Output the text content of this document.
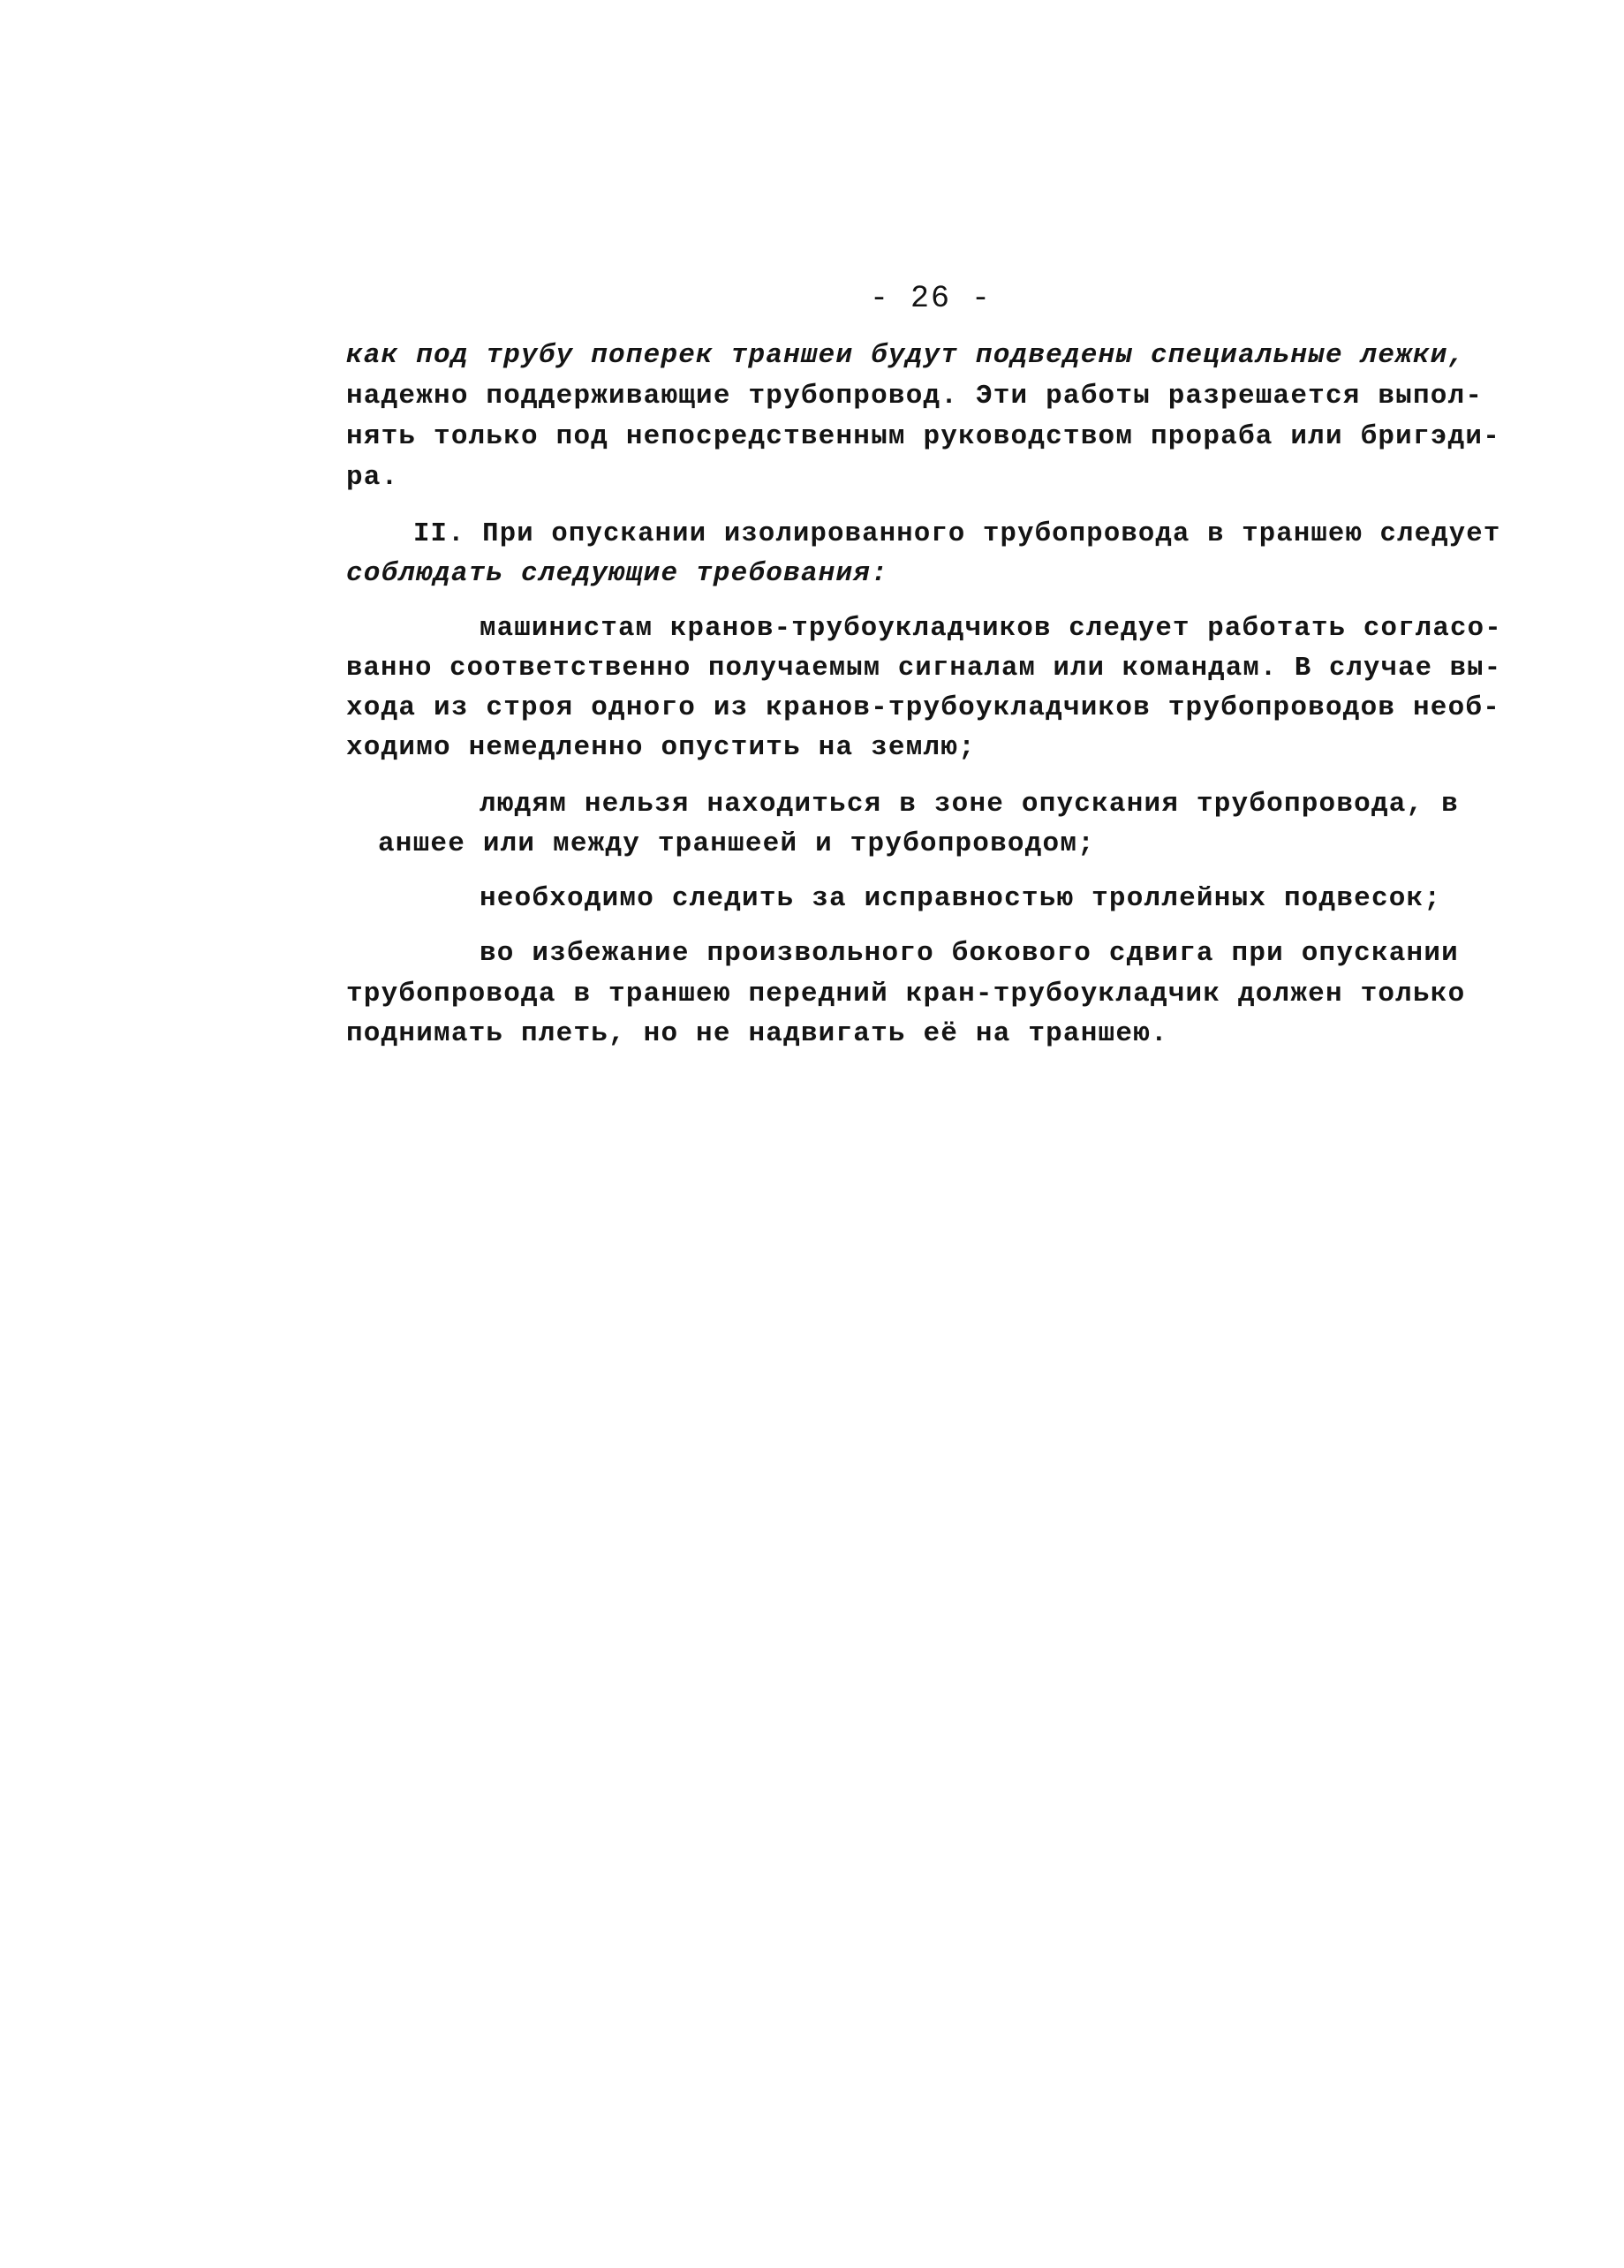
- 26 -
как под трубу поперек траншеи будут подведены специальные лежки,
надежно поддерживающие трубопровод. Эти работы разрешается выпол-
нять только под непосредственным руководством прораба или бригэди-
ра.
II. При опускании изолированного трубопровода в траншею следует
соблюдать следующие требования:
машинистам кранов-трубоукладчиков следует работать согласо-
ванно соответственно получаемым сигналам или командам. В случае вы-
хода из строя одного из кранов-трубоукладчиков трубопроводов необ-
ходимо немедленно опустить на землю;
людям нельзя находиться в зоне опускания трубопровода, в
аншее или между траншеей и трубопроводом;
необходимо следить за исправностью троллейных подвесок;
во избежание произвольного бокового сдвига при опускании
трубопровода в траншею передний кран-трубоукладчик должен только
поднимать плеть, но не надвигать её на траншею.
